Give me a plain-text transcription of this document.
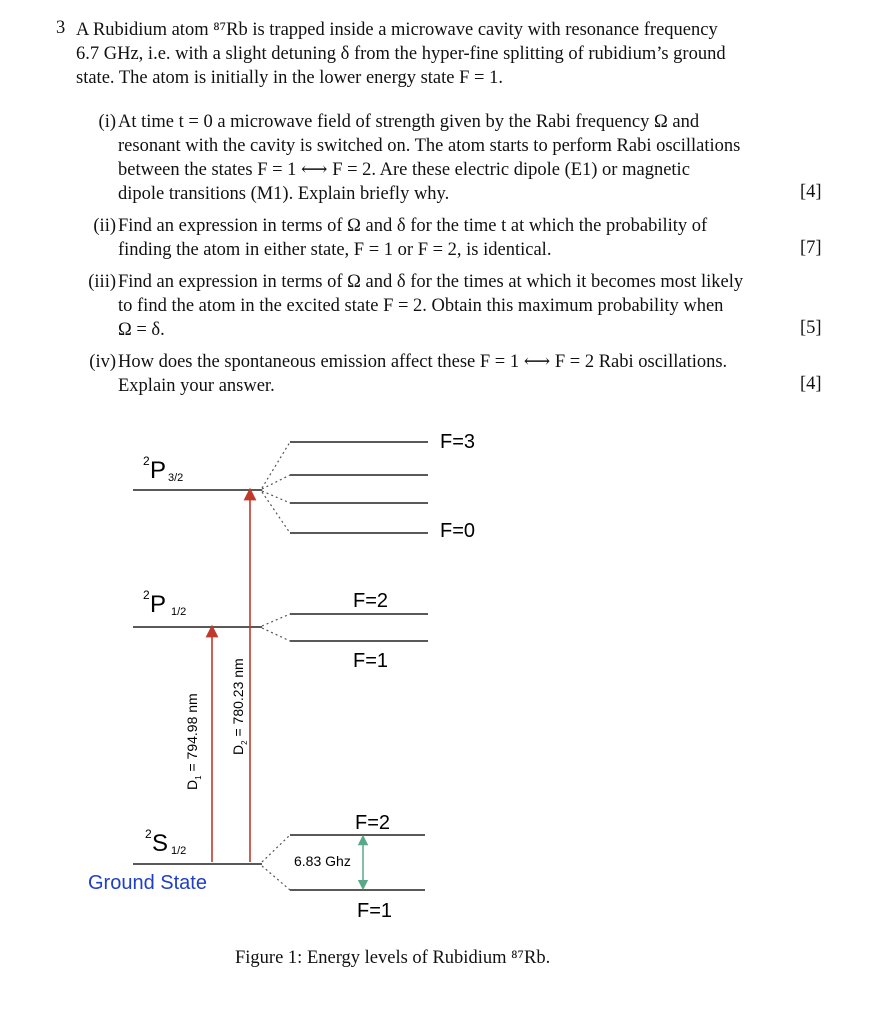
3 A Rubidium atom ⁸⁷Rb is trapped inside a microwave cavity with resonance frequency
6.7 GHz, i.e. with a slight detuning δ from the hyper-fine splitting of rubidium’s ground
state. The atom is initially in the lower energy state F = 1.
(i) At time t = 0 a microwave field of strength given by the Rabi frequency Ω and
resonant with the cavity is switched on. The atom starts to perform Rabi oscillations
between the states F = 1 ⟷ F = 2. Are these electric dipole (E1) or magnetic
dipole transitions (M1). Explain briefly why.	[4]
(ii) Find an expression in terms of Ω and δ for the time t at which the probability of
finding the atom in either state, F = 1 or F = 2, is identical.	[7]
(iii) Find an expression in terms of Ω and δ for the times at which it becomes most likely
to find the atom in the excited state F = 2. Obtain this maximum probability when
Ω = δ.	[5]
(iv) How does the spontaneous emission affect these F = 1 ⟷ F = 2 Rabi oscillations.
Explain your answer.	[4]
2 P 3/2
2 P 1/2
2 S 1/2
Ground State
$D_1 = 794.98$ nm $D_2 = 780.23$ nm
F=3
F=0
F=2
F=1
F=2
F=1
6.83 Ghz
Figure 1: Energy levels of Rubidium ⁸⁷Rb.
